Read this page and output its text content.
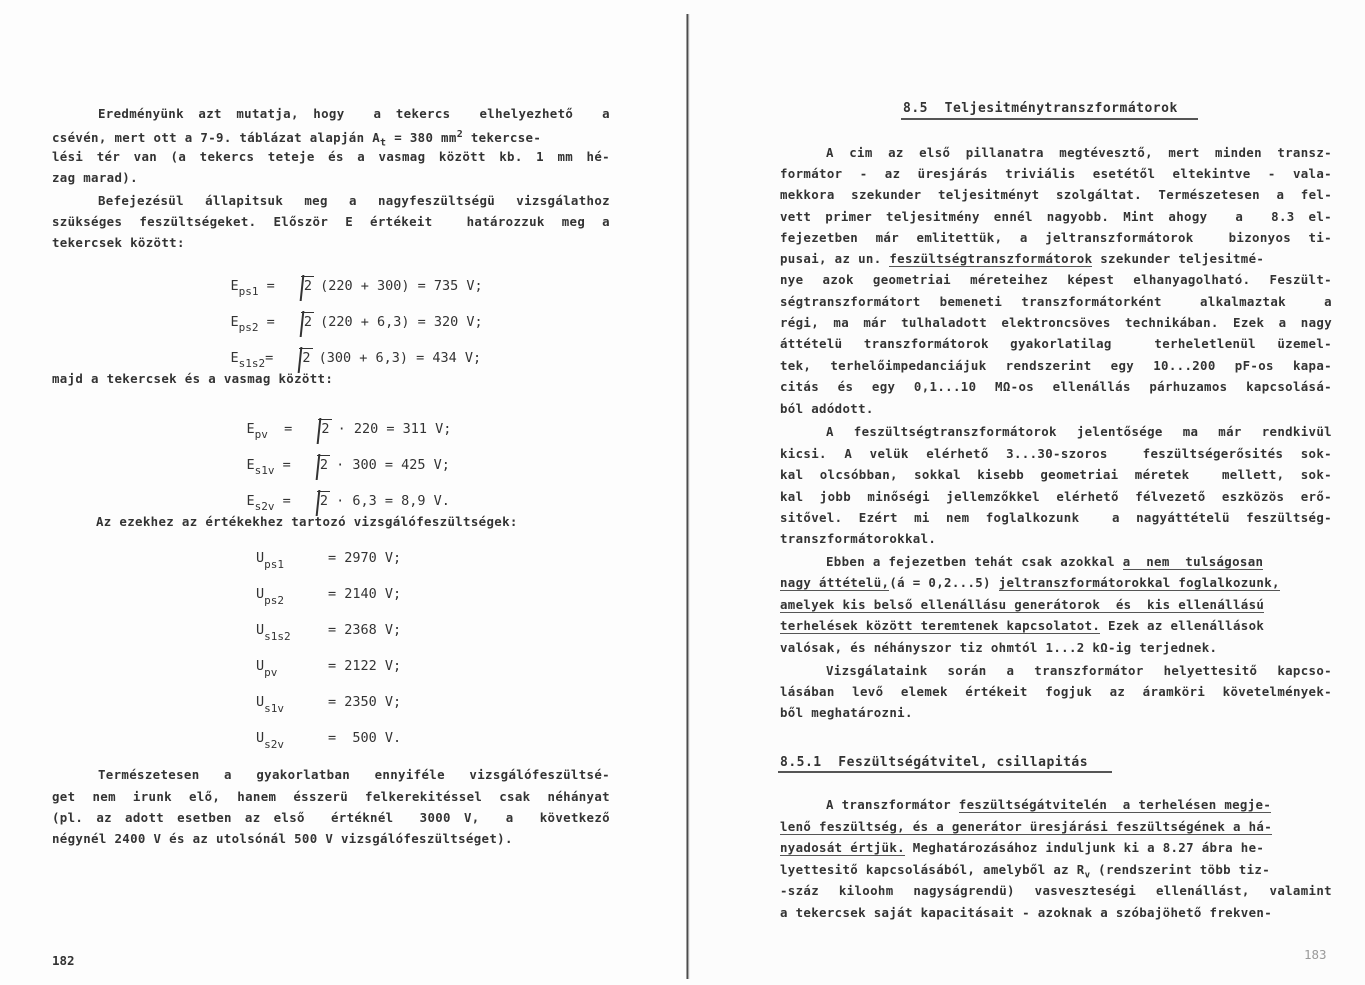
Eredményünk azt mutatja, hogy  a tekercs  elhelyezhető  a
csévén, mert ott a 7-9. táblázat alapján $A_t = 380$ $mm^2$ tekercse-
lési tér van (a tekercs teteje és a vasmag között kb. 1 mm hé-
zag marad).
Befejezésül állapitsuk meg a nagyfeszültségü vizsgálathoz
szükséges feszültségeket. Először E értékeit  határozzuk meg a
tekercsek között:

$E_{ps1} = 2$ (220 + 300) = 735 V;

$E_{ps2} = 2$ (220 + 6,3) = 320 V;

$E_{s1s2}= 2$ (300 + 6,3) = 434 V;

majd a tekercsek és a vasmag között:

$E_{pv} = 2 \cdot 220 = 311$ V;

$E_{s1v} = 2 \cdot 300 = 425$ V;

$E_{s2v} = 2 \cdot 6,3 = 8,9$ V.

Az ezekhez az értékekhez tartozó vizsgálófeszültségek:
$U_{ps1}$	= 2970 V;
$U_{ps2}$	= 2140 V;
$U_{s1s2}$	= 2368 V;
$U_{pv}$	= 2122 V;
$U_{s1v}$	= 2350 V;
$U_{s2v}$	=  500 V.
Természetesen a gyakorlatban ennyiféle vizsgálófeszültsé-
get nem irunk elő, hanem ésszerü felkerekitéssel csak néhányat
(pl. az adott esetben az első  értéknél  3000 V,  a  következő
négynél 2400 V és az utolsónál 500 V vizsgálófeszültséget).
182
8.5  Teljesitménytranszformátorok
A cim az első pillanatra megtévesztő, mert minden transz-
formátor - az üresjárás triviális esetétől eltekintve - vala-
mekkora szekunder teljesitményt szolgáltat. Természetesen a fel-
vett primer teljesitmény ennél nagyobb. Mint ahogy  a  8.3 el-
fejezetben már emlitettük, a jeltranszformátorok  bizonyos ti-
pusai, az un. feszültségtranszformátorok szekunder teljesitmé-
nye azok geometriai méreteihez képest elhanyagolható. Feszült-
ségtranszformátort bemeneti transzformátorként  alkalmaztak  a
régi, ma már tulhaladott elektroncsöves technikában. Ezek a nagy
áttételü transzformátorok gyakorlatilag  terheletlenül üzemel-
tek, terhelőimpedanciájuk rendszerint egy 10...200 pF-os kapa-
citás és egy 0,1...10 MΩ-os ellenállás párhuzamos kapcsolásá-
ból adódott.
A feszültségtranszformátorok jelentősége ma már rendkivül
kicsi. A velük elérhető 3...30-szoros  feszültségerősités sok-
kal olcsóbban, sokkal kisebb geometriai méretek  mellett, sok-
kal jobb minőségi jellemzőkkel elérhető félvezető eszközös erő-
sitővel. Ezért mi nem foglalkozunk  a nagyáttételü feszültség-
transzformátorokkal.
Ebben a fejezetben tehát csak azokkal a  nem  tulságosan
nagy áttételü,(á = 0,2...5) jeltranszformátorokkal foglalkozunk,
amelyek kis belső ellenállásu generátorok  és  kis ellenállású
terhelések között teremtenek kapcsolatot. Ezek az ellenállások
valósak, és néhányszor tiz ohmtól 1...2 kΩ-ig terjednek.
Vizsgálataink során a transzformátor helyettesitő kapcso-
lásában levő elemek értékeit fogjuk az áramköri követelmények-
ből meghatározni.
8.5.1  Feszültségátvitel, csillapitás
A transzformátor feszültségátvitelén  a terhelésen megje-
lenő feszültség, és a generátor üresjárási feszültségének a há-
nyadosát értjük. Meghatározásához induljunk ki a 8.27 ábra he-
lyettesitő kapcsolásából, amelyből az $R_v$ (rendszerint több tiz-
-száz kiloohm nagyságrendü) vasveszteségi ellenállást, valamint
a tekercsek saját kapacitásait - azoknak a szóbajöhető frekven-
183
